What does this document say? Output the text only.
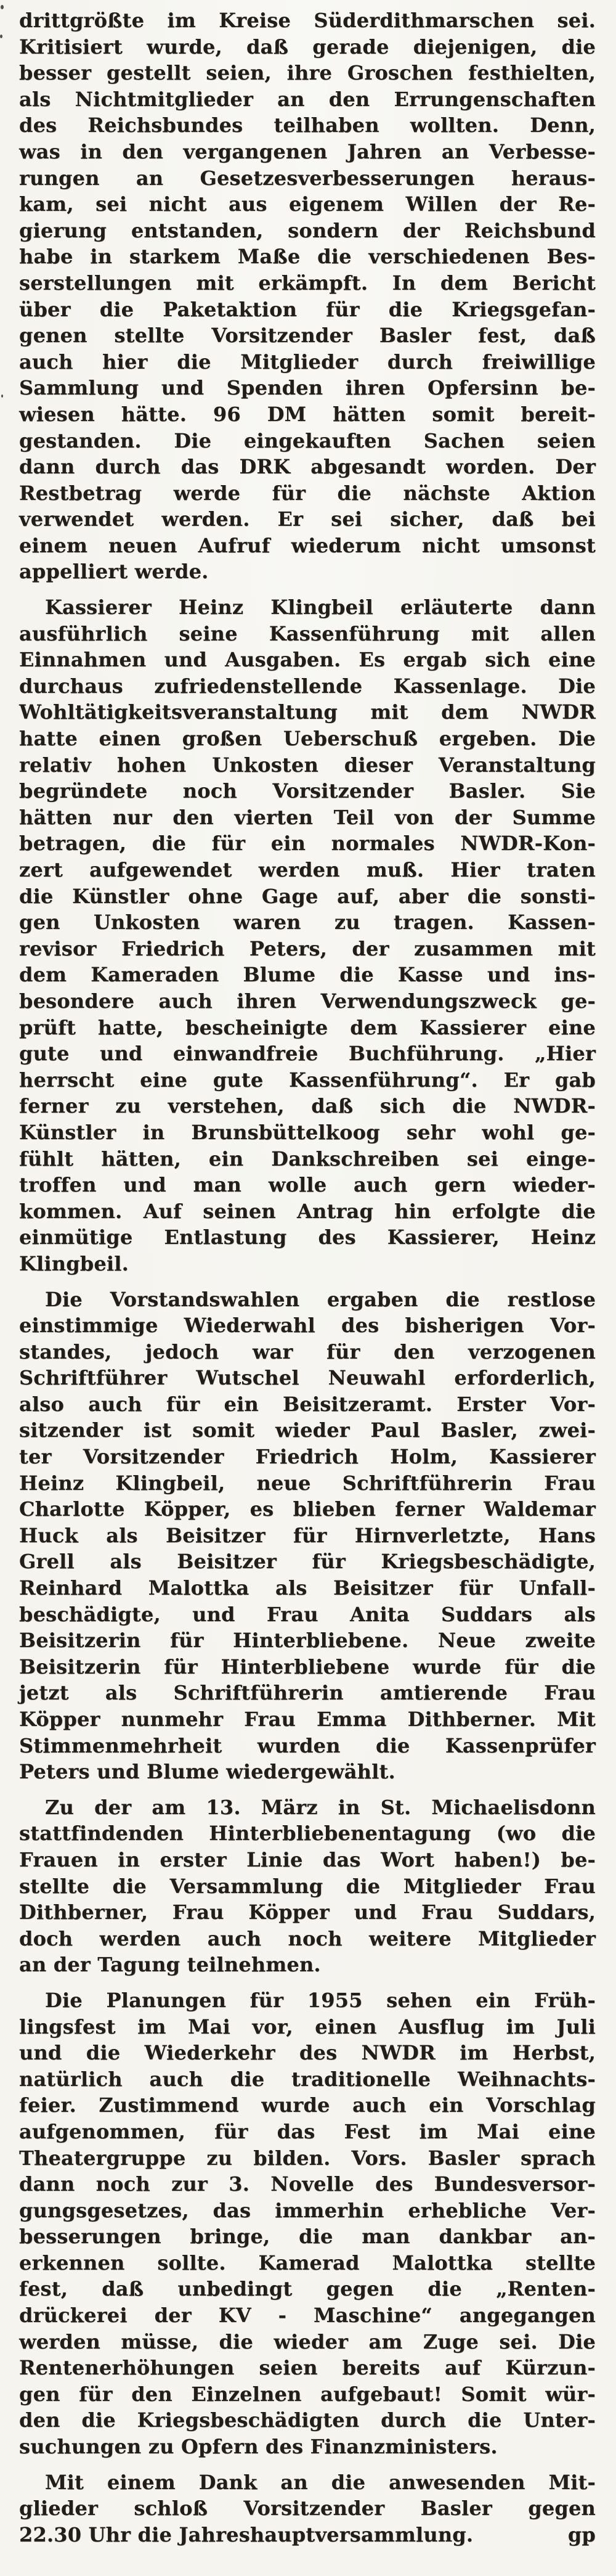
drittgrößte im Kreise Süderdithmarschen sei.
Kritisiert wurde, daß gerade diejenigen, die
besser gestellt seien, ihre Groschen festhielten,
als Nichtmitglieder an den Errungenschaften
des Reichsbundes teilhaben wollten. Denn,
was in den vergangenen Jahren an Verbesse-
rungen an Gesetzesverbesserungen heraus-
kam, sei nicht aus eigenem Willen der Re-
gierung entstanden, sondern der Reichsbund
habe in starkem Maße die verschiedenen Bes-
serstellungen mit erkämpft. In dem Bericht
über die Paketaktion für die Kriegsgefan-
genen stellte Vorsitzender Basler fest, daß
auch hier die Mitglieder durch freiwillige
Sammlung und Spenden ihren Opfersinn be-
wiesen hätte. 96 DM hätten somit bereit-
gestanden. Die eingekauften Sachen seien
dann durch das DRK abgesandt worden. Der
Restbetrag werde für die nächste Aktion
verwendet werden. Er sei sicher, daß bei
einem neuen Aufruf wiederum nicht umsonst
appelliert werde.

Kassierer Heinz Klingbeil erläuterte dann
ausführlich seine Kassenführung mit allen
Einnahmen und Ausgaben. Es ergab sich eine
durchaus zufriedenstellende Kassenlage. Die
Wohltätigkeitsveranstaltung mit dem NWDR
hatte einen großen Ueberschuß ergeben. Die
relativ hohen Unkosten dieser Veranstaltung
begründete noch Vorsitzender Basler. Sie
hätten nur den vierten Teil von der Summe
betragen, die für ein normales NWDR-Kon-
zert aufgewendet werden muß. Hier traten
die Künstler ohne Gage auf, aber die sonsti-
gen Unkosten waren zu tragen. Kassen-
revisor Friedrich Peters, der zusammen mit
dem Kameraden Blume die Kasse und ins-
besondere auch ihren Verwendungszweck ge-
prüft hatte, bescheinigte dem Kassierer eine
gute und einwandfreie Buchführung. „Hier
herrscht eine gute Kassenführung“. Er gab
ferner zu verstehen, daß sich die NWDR-
Künstler in Brunsbüttelkoog sehr wohl ge-
fühlt hätten, ein Dankschreiben sei einge-
troffen und man wolle auch gern wieder-
kommen. Auf seinen Antrag hin erfolgte die
einmütige Entlastung des Kassierer, Heinz
Klingbeil.

Die Vorstandswahlen ergaben die restlose
einstimmige Wiederwahl des bisherigen Vor-
standes, jedoch war für den verzogenen
Schriftführer Wutschel Neuwahl erforderlich,
also auch für ein Beisitzeramt. Erster Vor-
sitzender ist somit wieder Paul Basler, zwei-
ter Vorsitzender Friedrich Holm, Kassierer
Heinz Klingbeil, neue Schriftführerin Frau
Charlotte Köpper, es blieben ferner Waldemar
Huck als Beisitzer für Hirnverletzte, Hans
Grell als Beisitzer für Kriegsbeschädigte,
Reinhard Malottka als Beisitzer für Unfall-
beschädigte, und Frau Anita Suddars als
Beisitzerin für Hinterbliebene. Neue zweite
Beisitzerin für Hinterbliebene wurde für die
jetzt als Schriftführerin amtierende Frau
Köpper nunmehr Frau Emma Dithberner. Mit
Stimmenmehrheit wurden die Kassenprüfer
Peters und Blume wiedergewählt.

Zu der am 13. März in St. Michaelisdonn
stattfindenden Hinterbliebenentagung (wo die
Frauen in erster Linie das Wort haben!) be-
stellte die Versammlung die Mitglieder Frau
Dithberner, Frau Köpper und Frau Suddars,
doch werden auch noch weitere Mitglieder
an der Tagung teilnehmen.

Die Planungen für 1955 sehen ein Früh-
lingsfest im Mai vor, einen Ausflug im Juli
und die Wiederkehr des NWDR im Herbst,
natürlich auch die traditionelle Weihnachts-
feier. Zustimmend wurde auch ein Vorschlag
aufgenommen, für das Fest im Mai eine
Theatergruppe zu bilden. Vors. Basler sprach
dann noch zur 3. Novelle des Bundesversor-
gungsgesetzes, das immerhin erhebliche Ver-
besserungen bringe, die man dankbar an-
erkennen sollte. Kamerad Malottka stellte
fest, daß unbedingt gegen die „Renten-
drückerei der KV - Maschine“ angegangen
werden müsse, die wieder am Zuge sei. Die
Rentenerhöhungen seien bereits auf Kürzun-
gen für den Einzelnen aufgebaut! Somit wür-
den die Kriegsbeschädigten durch die Unter-
suchungen zu Opfern des Finanzministers.

Mit einem Dank an die anwesenden Mit-
glieder schloß Vorsitzender Basler gegen
22.30 Uhr die Jahreshauptversammlung.	gp
